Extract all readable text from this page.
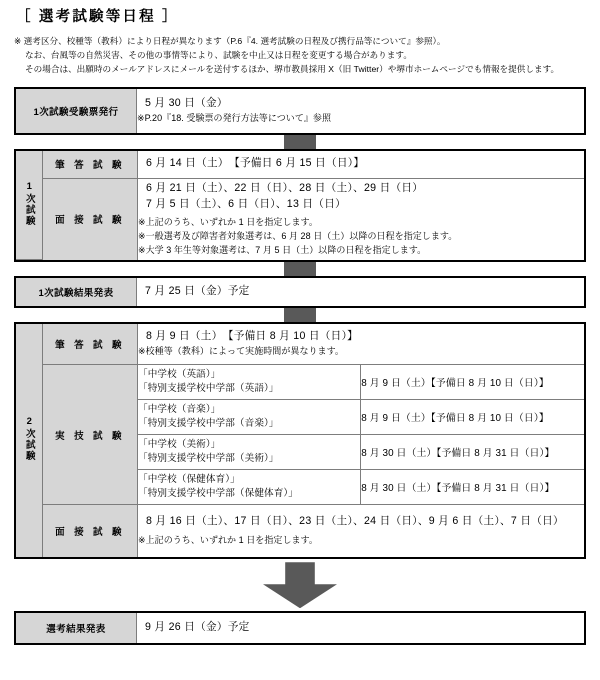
［ 選考試験等日程 ］
※ 選考区分、校種等（教科）により日程が異なります（P.6『4. 選考試験の日程及び携行品等について』参照）。
なお、台風等の自然災害、その他の事情等により、試験を中止又は日程を変更する場合があります。
その場合は、出願時のメールアドレスにメールを送付するほか、堺市教員採用 X（旧 Twitter）や堺市ホームページでも情報を提供します。
1次試験受験票発行	
5 月 30 日（金）
※P.20『18. 受験票の発行方法等について』参照
1次試験	筆 答 試 験	6 月 14 日（土）　【予備日 6 月 15 日（日）】

	面 接 試 験	6 月 21 日（土）、22 日（日）、28 日（土）、29 日（日）
7 月 5 日（土）、6 日（日）、13 日（日）
※上記のうち、いずれか 1 日を指定します。
※一般選考及び障害者対象選考は、6 月 28 日（土）以降の日程を指定します。
※大学 3 年生等対象選考は、7 月 5 日（土）以降の日程を指定します。
1次試験結果発表	7 月 25 日（金）予定
2次試験	筆 答 試 験	8 月 9 日（土）　【予備日 8 月 10 日（日）】
※校種等（教科）によって実施時間が異なります。	

	実 技 試 験	「中学校（英語）」
「特別支援学校中学部（英語）」	8 月 9 日（土）【予備日 8 月 10 日（日）】

		「中学校（音楽）」
「特別支援学校中学部（音楽）」	8 月 9 日（土）【予備日 8 月 10 日（日）】

		「中学校（美術）」
「特別支援学校中学部（美術）」	8 月 30 日（土）【予備日 8 月 31 日（日）】

		「中学校（保健体育）」
「特別支援学校中学部（保健体育）」	8 月 30 日（土）【予備日 8 月 31 日（日）】
	面 接 試 験	8 月 16 日（土）、17 日（日）、23 日（土）、24 日（日）、9 月 6 日（土）、7 日（日）
※上記のうち、いずれか 1 日を指定します。	
選考結果発表	9 月 26 日（金）予定
